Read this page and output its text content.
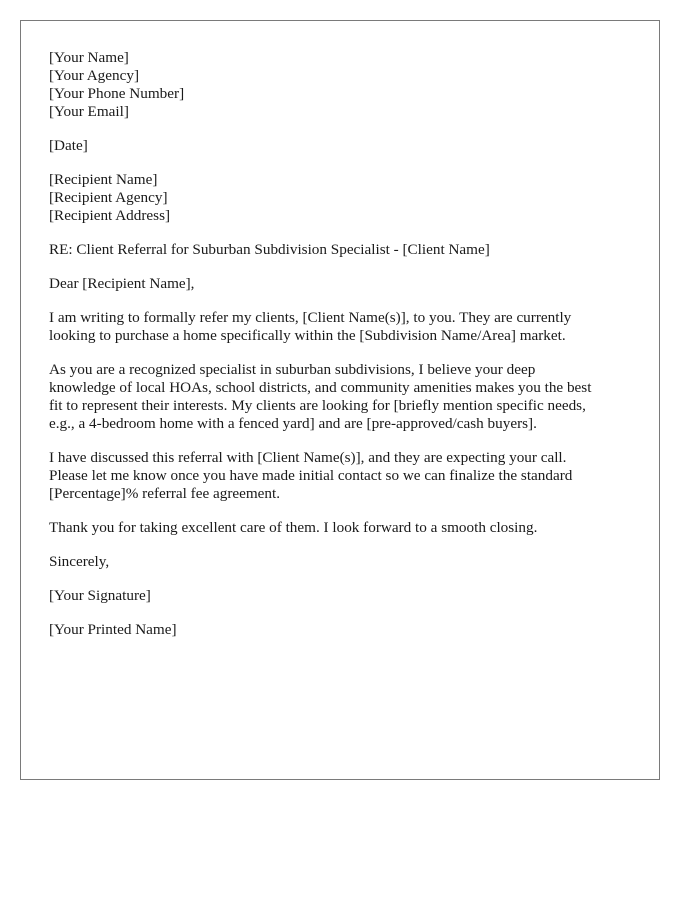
[Your Name]
[Your Agency]
[Your Phone Number]
[Your Email]
[Date]
[Recipient Name]
[Recipient Agency]
[Recipient Address]

RE: Client Referral for Suburban Subdivision Specialist - [Client Name]

Dear [Recipient Name],

I am writing to formally refer my clients, [Client Name(s)], to you. They are currently
looking to purchase a home specifically within the [Subdivision Name/Area] market.

As you are a recognized specialist in suburban subdivisions, I believe your deep
knowledge of local HOAs, school districts, and community amenities makes you the best
fit to represent their interests. My clients are looking for [briefly mention specific needs,
e.g., a 4-bedroom home with a fenced yard] and are [pre-approved/cash buyers].

I have discussed this referral with [Client Name(s)], and they are expecting your call.
Please let me know once you have made initial contact so we can finalize the standard
[Percentage]% referral fee agreement.

Thank you for taking excellent care of them. I look forward to a smooth closing.

Sincerely,

[Your Signature]

[Your Printed Name]
